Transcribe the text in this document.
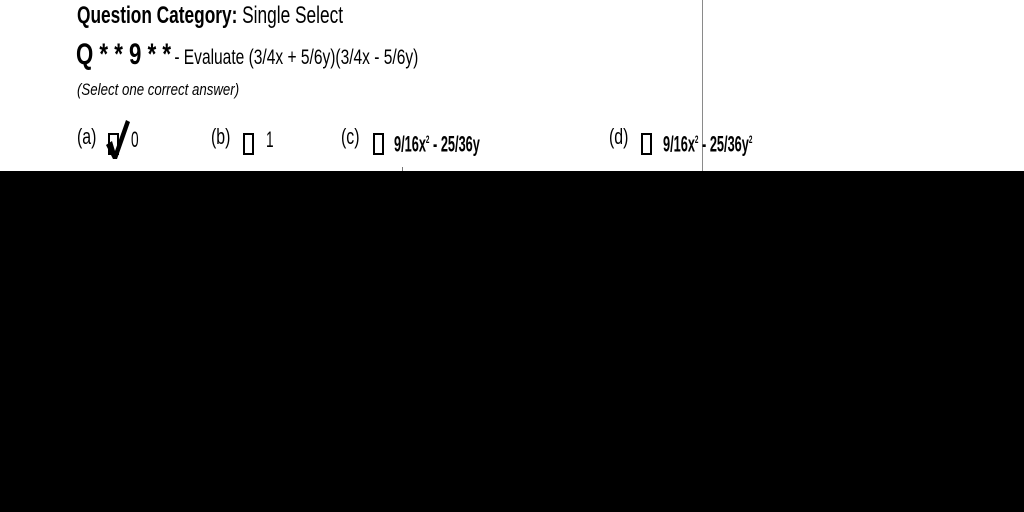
Question Category: Single Select
Q * * 9 * * - Evaluate (3/4x + 5/6y)(3/4x - 5/6y)
(Select one correct answer)
(a)	0	(b)	1	(c)	$9/16x^2 - 25/36y$	(d)	$9/16x^2 - 25/36y^2$
